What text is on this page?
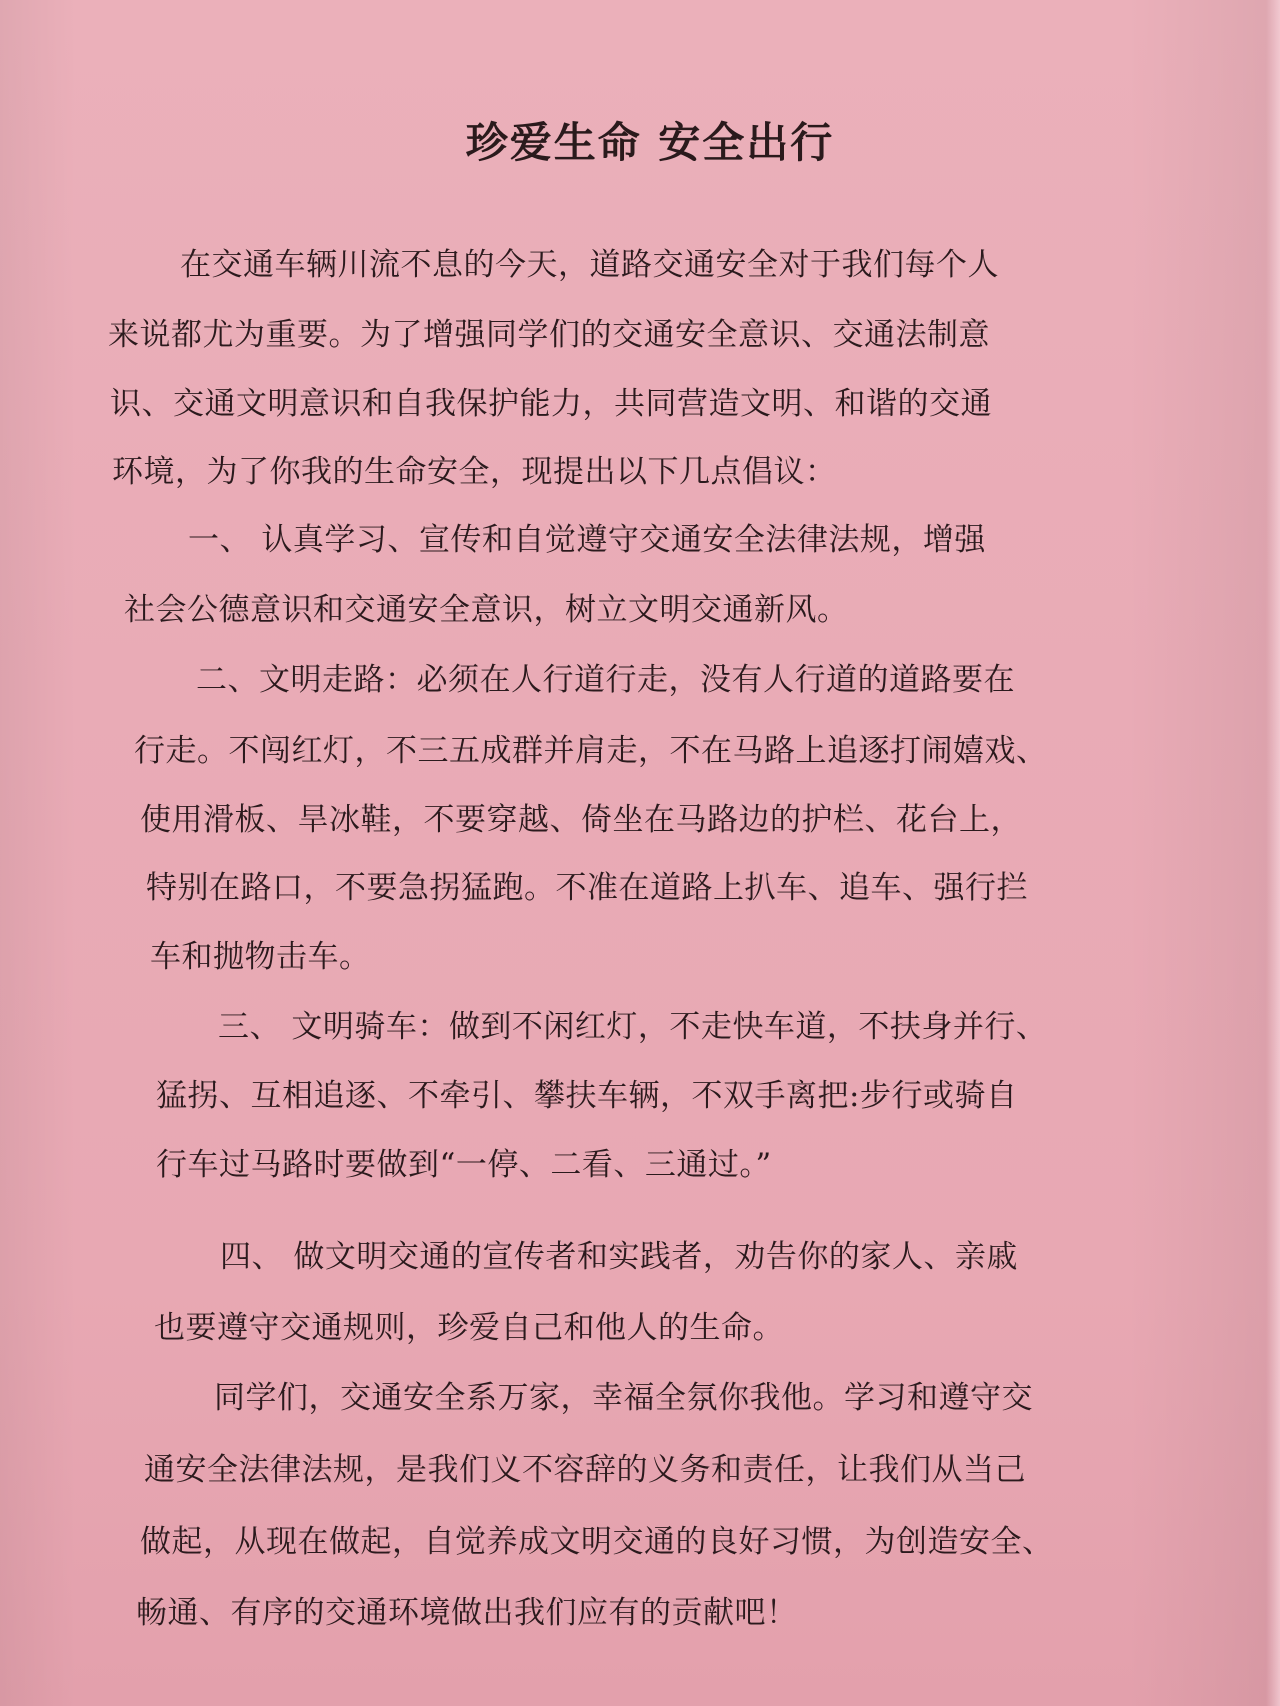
珍爱生命 安全出行

在交通车辆川流不息的今天，道路交通安全对于我们每个人

来说都尤为重要。为了增强同学们的交通安全意识、交通法制意

识、交通文明意识和自我保护能力，共同营造文明、和谐的交通

环境，为了你我的生命安全，现提出以下几点倡议：

一、 认真学习、宣传和自觉遵守交通安全法律法规，增强

社会公德意识和交通安全意识，树立文明交通新风。

二、文明走路：必须在人行道行走，没有人行道的道路要在

行走。不闯红灯，不三五成群并肩走，不在马路上追逐打闹嬉戏、

使用滑板、旱冰鞋，不要穿越、倚坐在马路边的护栏、花台上，

特别在路口，不要急拐猛跑。不准在道路上扒车、追车、强行拦

车和抛物击车。

三、 文明骑车：做到不闲红灯，不走快车道，不扶身并行、

猛拐、互相追逐、不牵引、攀扶车辆，不双手离把:步行或骑自

行车过马路时要做到“一停、二看、三通过。”

四、 做文明交通的宣传者和实践者，劝告你的家人、亲戚

也要遵守交通规则，珍爱自己和他人的生命。

同学们，交通安全系万家，幸福全氛你我他。学习和遵守交

通安全法律法规，是我们义不容辞的义务和责任，让我们从当己

做起，从现在做起，自觉养成文明交通的良好习惯，为创造安全、

畅通、有序的交通环境做出我们应有的贡献吧！
